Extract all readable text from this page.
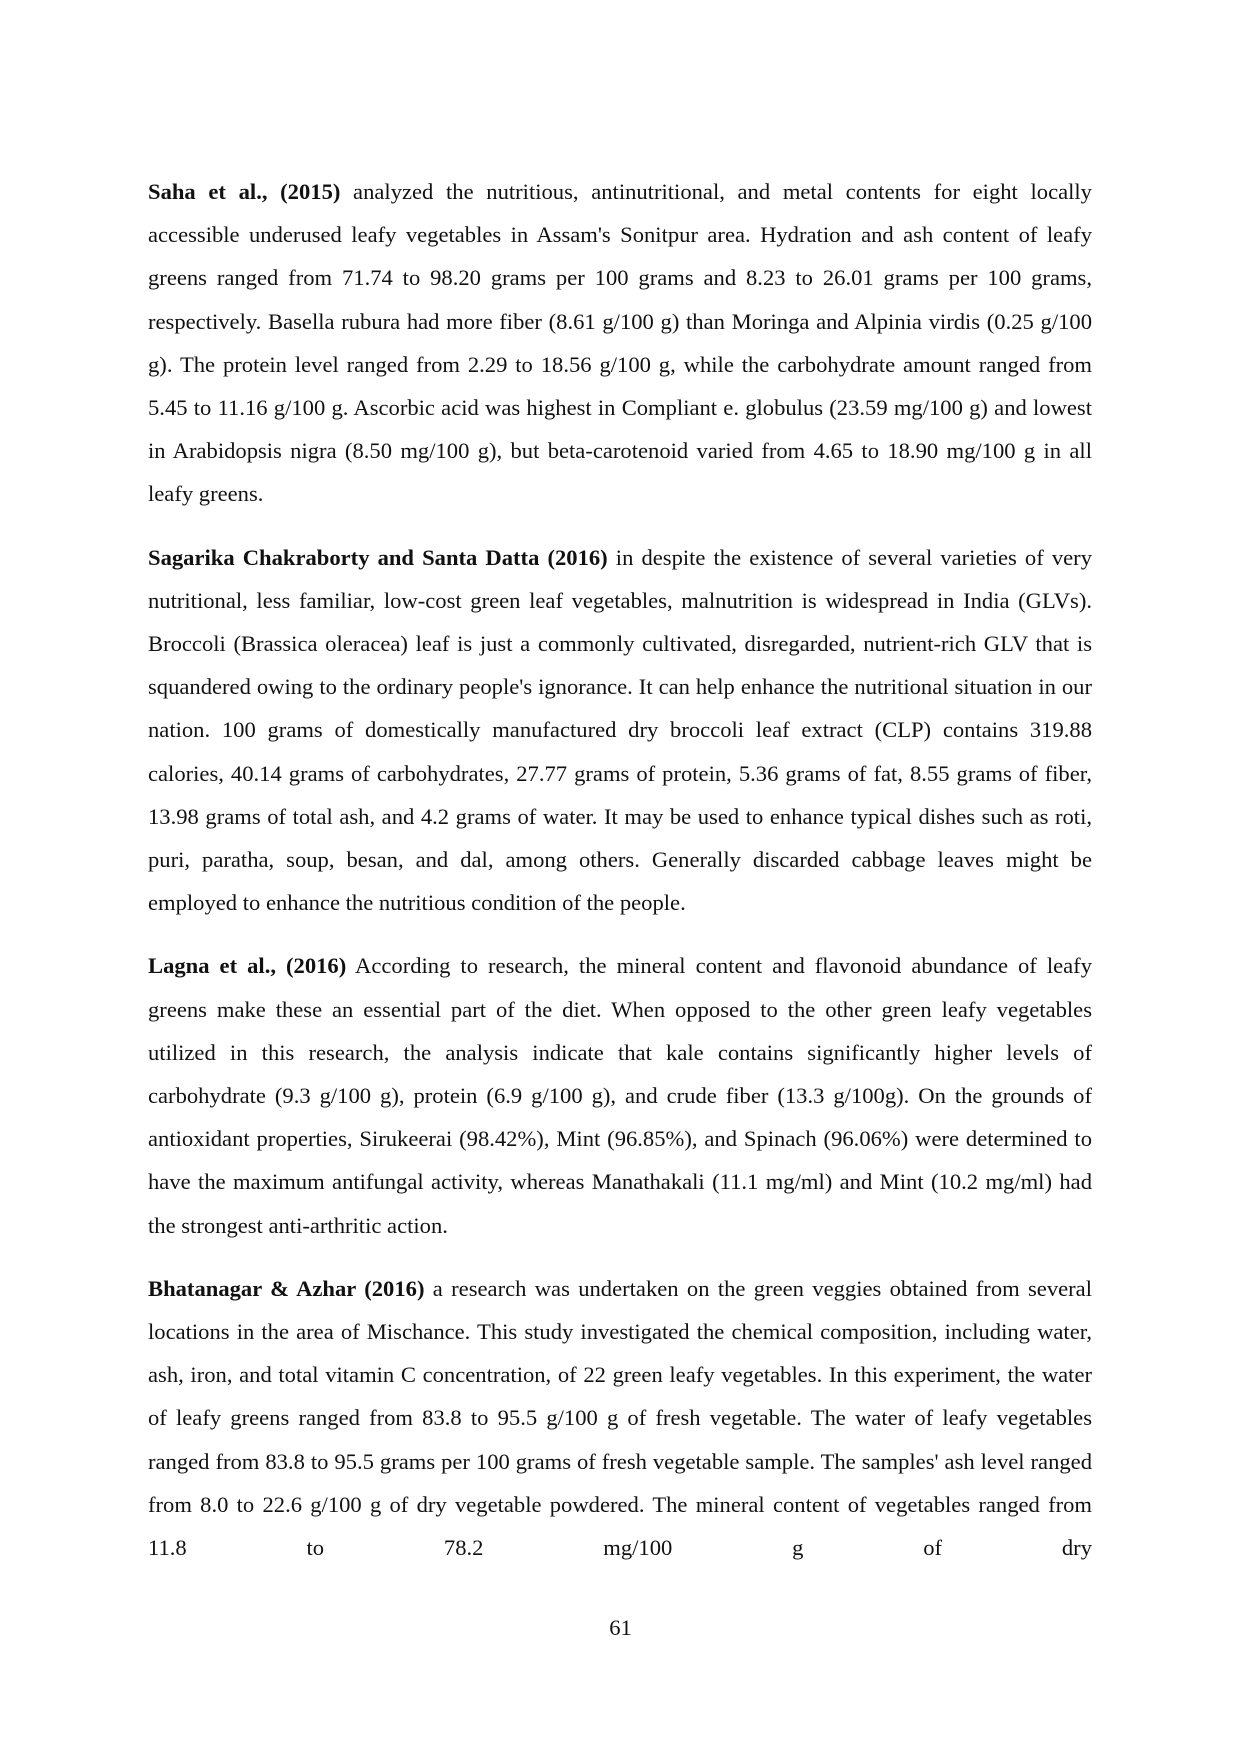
Saha et al., (2015) analyzed the nutritious, antinutritional, and metal contents for eight locally accessible underused leafy vegetables in Assam's Sonitpur area. Hydration and ash content of leafy greens ranged from 71.74 to 98.20 grams per 100 grams and 8.23 to 26.01 grams per 100 grams, respectively. Basella rubura had more fiber (8.61 g/100 g) than Moringa and Alpinia virdis (0.25 g/100 g). The protein level ranged from 2.29 to 18.56 g/100 g, while the carbohydrate amount ranged from 5.45 to 11.16 g/100 g. Ascorbic acid was highest in Compliant e. globulus (23.59 mg/100 g) and lowest in Arabidopsis nigra (8.50 mg/100 g), but beta-carotenoid varied from 4.65 to 18.90 mg/100 g in all leafy greens.

Sagarika Chakraborty and Santa Datta (2016) in despite the existence of several varieties of very nutritional, less familiar, low-cost green leaf vegetables, malnutrition is widespread in India (GLVs). Broccoli (Brassica oleracea) leaf is just a commonly cultivated, disregarded, nutrient-rich GLV that is squandered owing to the ordinary people's ignorance. It can help enhance the nutritional situation in our nation. 100 grams of domestically manufactured dry broccoli leaf extract (CLP) contains 319.88 calories, 40.14 grams of carbohydrates, 27.77 grams of protein, 5.36 grams of fat, 8.55 grams of fiber, 13.98 grams of total ash, and 4.2 grams of water. It may be used to enhance typical dishes such as roti, puri, paratha, soup, besan, and dal, among others. Generally discarded cabbage leaves might be employed to enhance the nutritious condition of the people.

Lagna et al., (2016) According to research, the mineral content and flavonoid abundance of leafy greens make these an essential part of the diet. When opposed to the other green leafy vegetables utilized in this research, the analysis indicate that kale contains significantly higher levels of carbohydrate (9.3 g/100 g), protein (6.9 g/100 g), and crude fiber (13.3 g/100g). On the grounds of antioxidant properties, Sirukeerai (98.42%), Mint (96.85%), and Spinach (96.06%) were determined to have the maximum antifungal activity, whereas Manathakali (11.1 mg/ml) and Mint (10.2 mg/ml) had the strongest anti-arthritic action.

Bhatanagar & Azhar (2016) a research was undertaken on the green veggies obtained from several locations in the area of Mischance. This study investigated the chemical composition, including water, ash, iron, and total vitamin C concentration, of 22 green leafy vegetables. In this experiment, the water of leafy greens ranged from 83.8 to 95.5 g/100 g of fresh vegetable. The water of leafy vegetables ranged from 83.8 to 95.5 grams per 100 grams of fresh vegetable sample. The samples' ash level ranged from 8.0 to 22.6 g/100 g of dry vegetable powdered. The mineral content of vegetables ranged from 11.8 to 78.2 mg/100 g of dry

61
